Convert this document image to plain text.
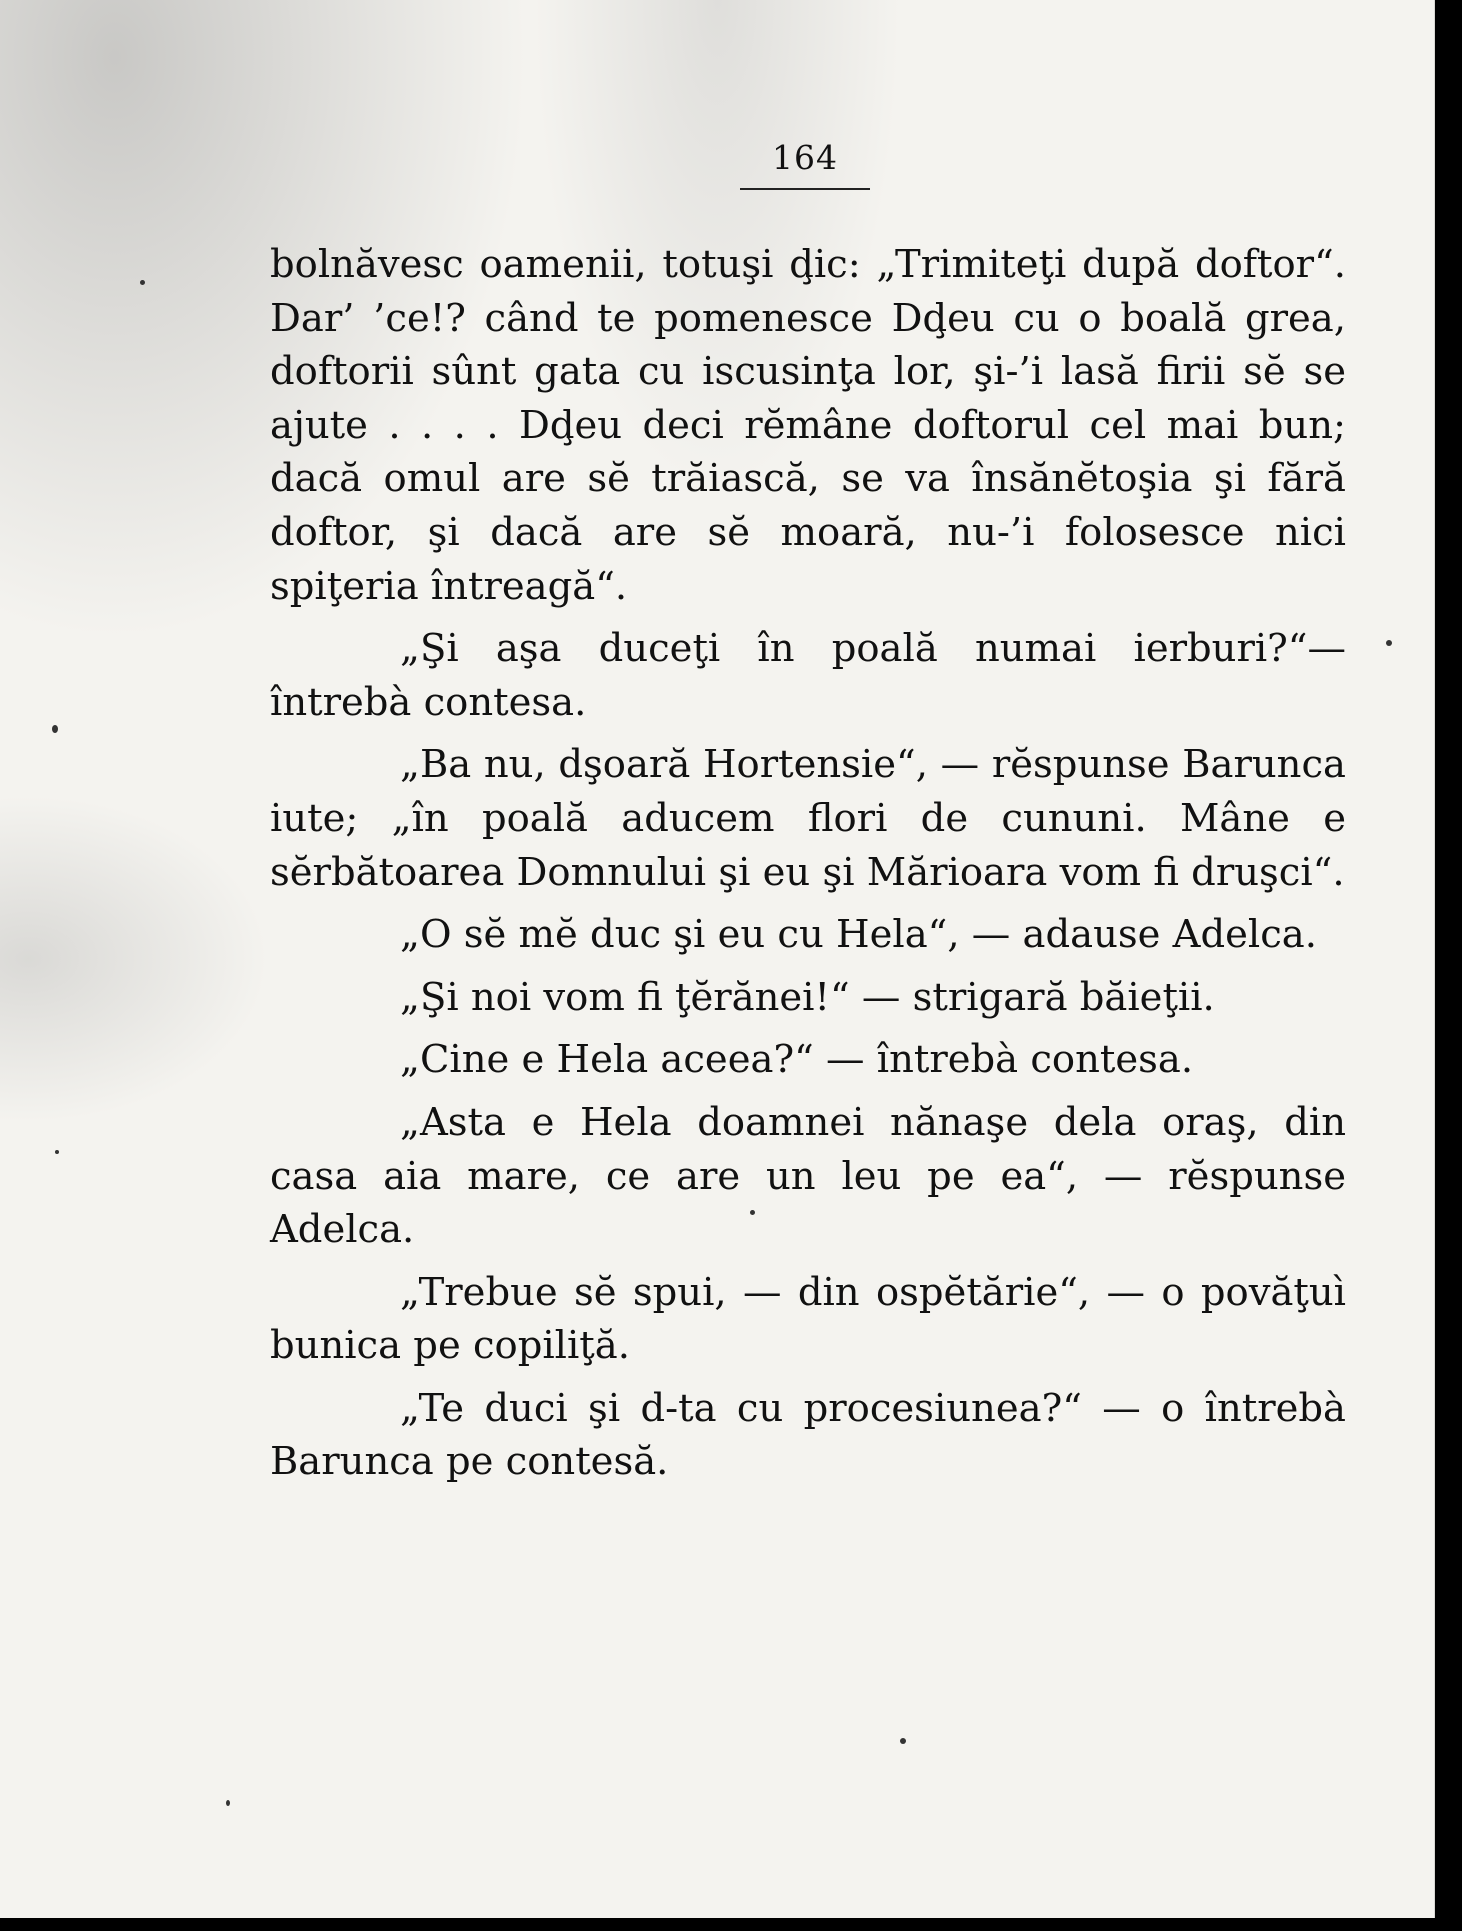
164

bolnăvesc oamenii, totuşi ḑic: „Trimiteţi după doftor“. Dar’ ’ce!? când te pomenesce Dḑeu cu o boală grea, doftorii sûnt gata cu iscusinţa lor, şi-’i lasă firii sĕ se ajute . . . . Dḑeu deci rĕmâne doftorul cel mai bun; dacă omul are sĕ trăiască, se va însănĕtoşia şi fără doftor, şi dacă are sĕ moară, nu-’i folosesce nici spiţeria întreagă“.

„Şi aşa duceţi în poală numai ierburi?“— întrebà contesa.

„Ba nu, dşoară Hortensie“, — rĕspunse Barunca iute; „în poală aducem flori de cununi. Mâne e sĕrbătoarea Domnului şi eu şi Mărioara vom fi druşci“.

„O sĕ mĕ duc şi eu cu Hela“, — adause Adelca.

„Şi noi vom fi ţĕrănei!“ — strigară băieţii.

„Cine e Hela aceea?“ — întrebà contesa.

„Asta e Hela doamnei nănaşe dela oraş, din casa aia mare, ce are un leu pe ea“, — rĕspunse Adelca.

„Trebue sĕ spui, — din ospĕtărie“, — o povăţuì bunica pe copiliţă.

„Te duci şi d-ta cu procesiunea?“ — o întrebà Barunca pe contesă.
